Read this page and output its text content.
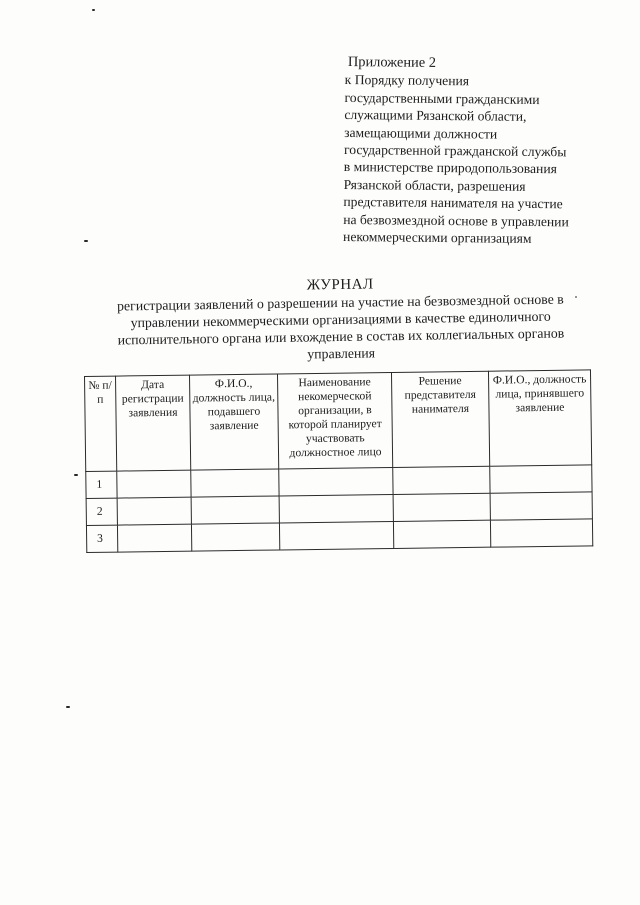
Приложение 2
к Порядку получения
государственными гражданскими
служащими Рязанской области,
замещающими должности
государственной гражданской службы
в министерстве природопользования
Рязанской области, разрешения
представителя нанимателя на участие
на безвозмездной основе в управлении
некоммерческими организациям
ЖУРНАЛ
регистрации заявлений о разрешении на участие на безвозмездной основе в
управлении некоммерческими организациями в качестве единоличного
исполнительного органа или вхождение в состав их коллегиальных органов
управления
№ п/п	Дата регистрации заявления	Ф.И.О., должность лица, подавшего заявление	Наименование некомерческой организации, в которой планирует участвовать должностное лицо	Решение представителя нанимателя	Ф.И.О., должность лица, принявшего заявление
1					
2					
3					
